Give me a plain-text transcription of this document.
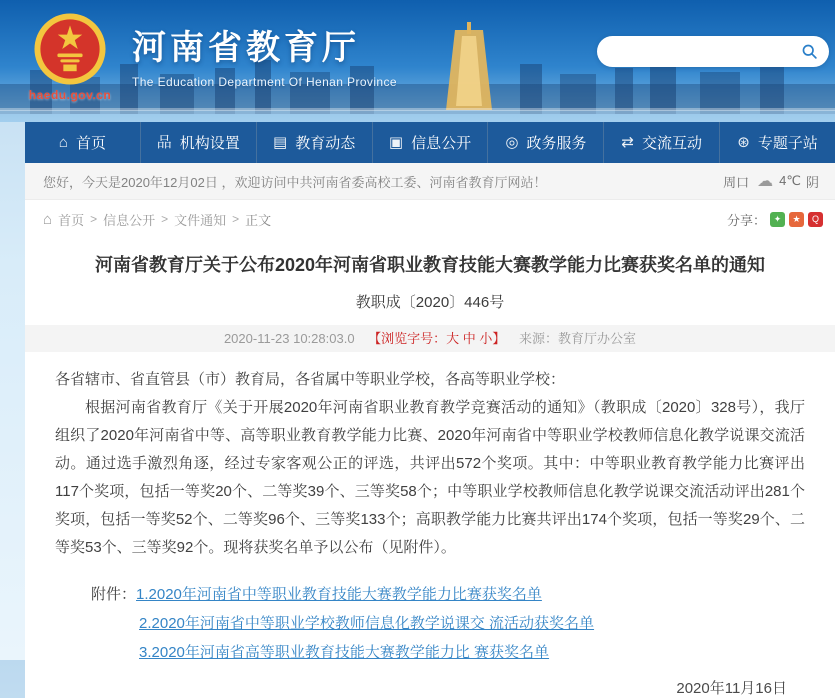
haedu.gov.cn
河南省教育厅
The Education Department Of Henan Province
⌂ 首页	品 机构设置 ▤ 教育动态 ▣ 信息公开 ◎ 政务服务 ⇄ 交流互动 ⊛ 专题子站
您好，今天是2020年12月02日 ，欢迎访问中共河南省委高校工委、河南省教育厅网站！	周口 ☁ 4℃ 阴
⌂ 首页 > 信息公开 > 文件通知 > 正文	分享： ✦	★	Q
河南省教育厅关于公布2020年河南省职业教育技能大赛教学能力比赛获奖名单的通知
教职成〔2020〕446号
2020-11-23 10:28:03.0 【浏览字号：大 中 小】 来源：教育厅办公室

各省辖市、省直管县（市）教育局，各省属中等职业学校，各高等职业学校：

根据河南省教育厅《关于开展2020年河南省职业教育教学竞赛活动的通知》（教职成〔2020〕328号），我厅组织了2020年河南省中等、高等职业教育教学能力比赛、2020年河南省中等职业学校教师信息化教学说课交流活动。通过选手激烈角逐，经过专家客观公正的评选，共评出572个奖项。其中：中等职业教育教学能力比赛评出117个奖项，包括一等奖20个、二等奖39个、三等奖58个；中等职业学校教师信息化教学说课交流活动评出281个奖项，包括一等奖52个、二等奖96个、三等奖133个；高职教学能力比赛共评出174个奖项，包括一等奖29个、二等奖53个、三等奖92个。现将获奖名单予以公布（见附件）。

附件： 1.2020年河南省中等职业教育技能大赛教学能力比赛获奖名单
2.2020年河南省中等职业学校教师信息化教学说课交 流活动获奖名单
3.2020年河南省高等职业教育技能大赛教学能力比 赛获奖名单
2020年11月16日
